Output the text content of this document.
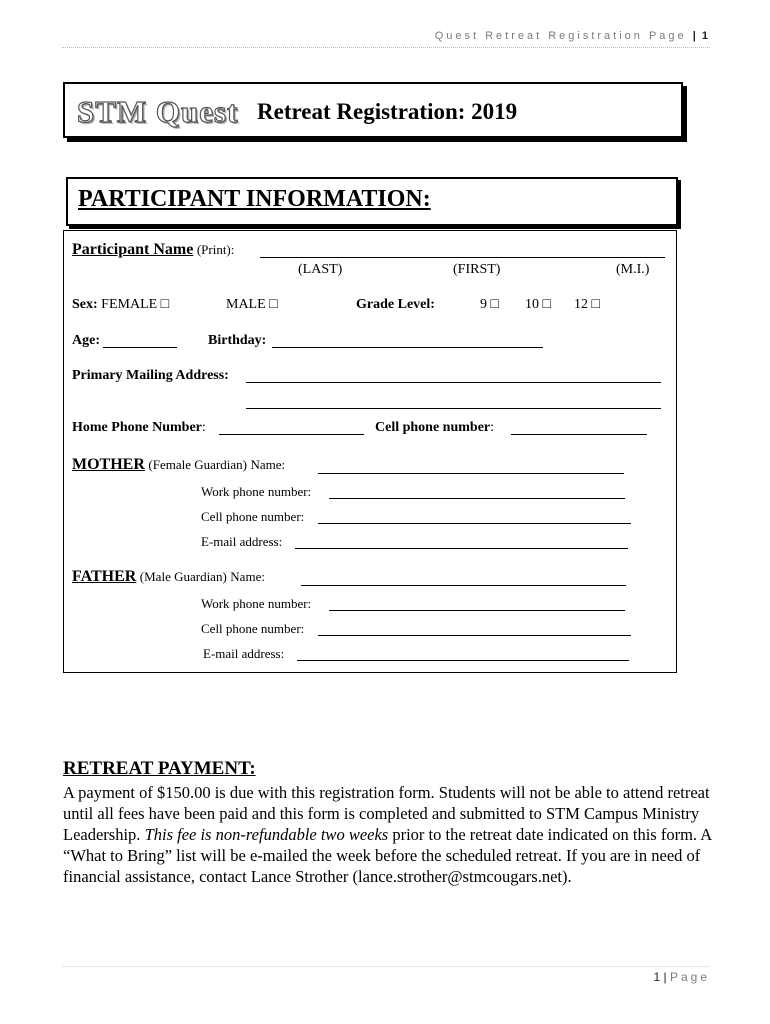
Quest Retreat Registration Page | 1
STM Quest Retreat Registration: 2019
PARTICIPANT INFORMATION:
Participant Name (Print):
(LAST)	(FIRST)	(M.I.)
Sex: FEMALE □	MALE □	Grade Level:	9 □ 10 □ 12 □
Age:	Birthday:
Primary Mailing Address:
Home Phone Number:	Cell phone number:
MOTHER (Female Guardian) Name:
Work phone number:
Cell phone number:
E-mail address:
FATHER (Male Guardian) Name:
Work phone number:
Cell phone number:
E-mail address:
RETREAT PAYMENT:
A payment of $150.00 is due with this registration form. Students will not be able to attend retreat until all fees have been paid and this form is completed and submitted to STM Campus Ministry Leadership. This fee is non-refundable two weeks prior to the retreat date indicated on this form. A “What to Bring” list will be e-mailed the week before the scheduled retreat. If you are in need of financial assistance, contact Lance Strother (lance.strother@stmcougars.net).
1 | Page
